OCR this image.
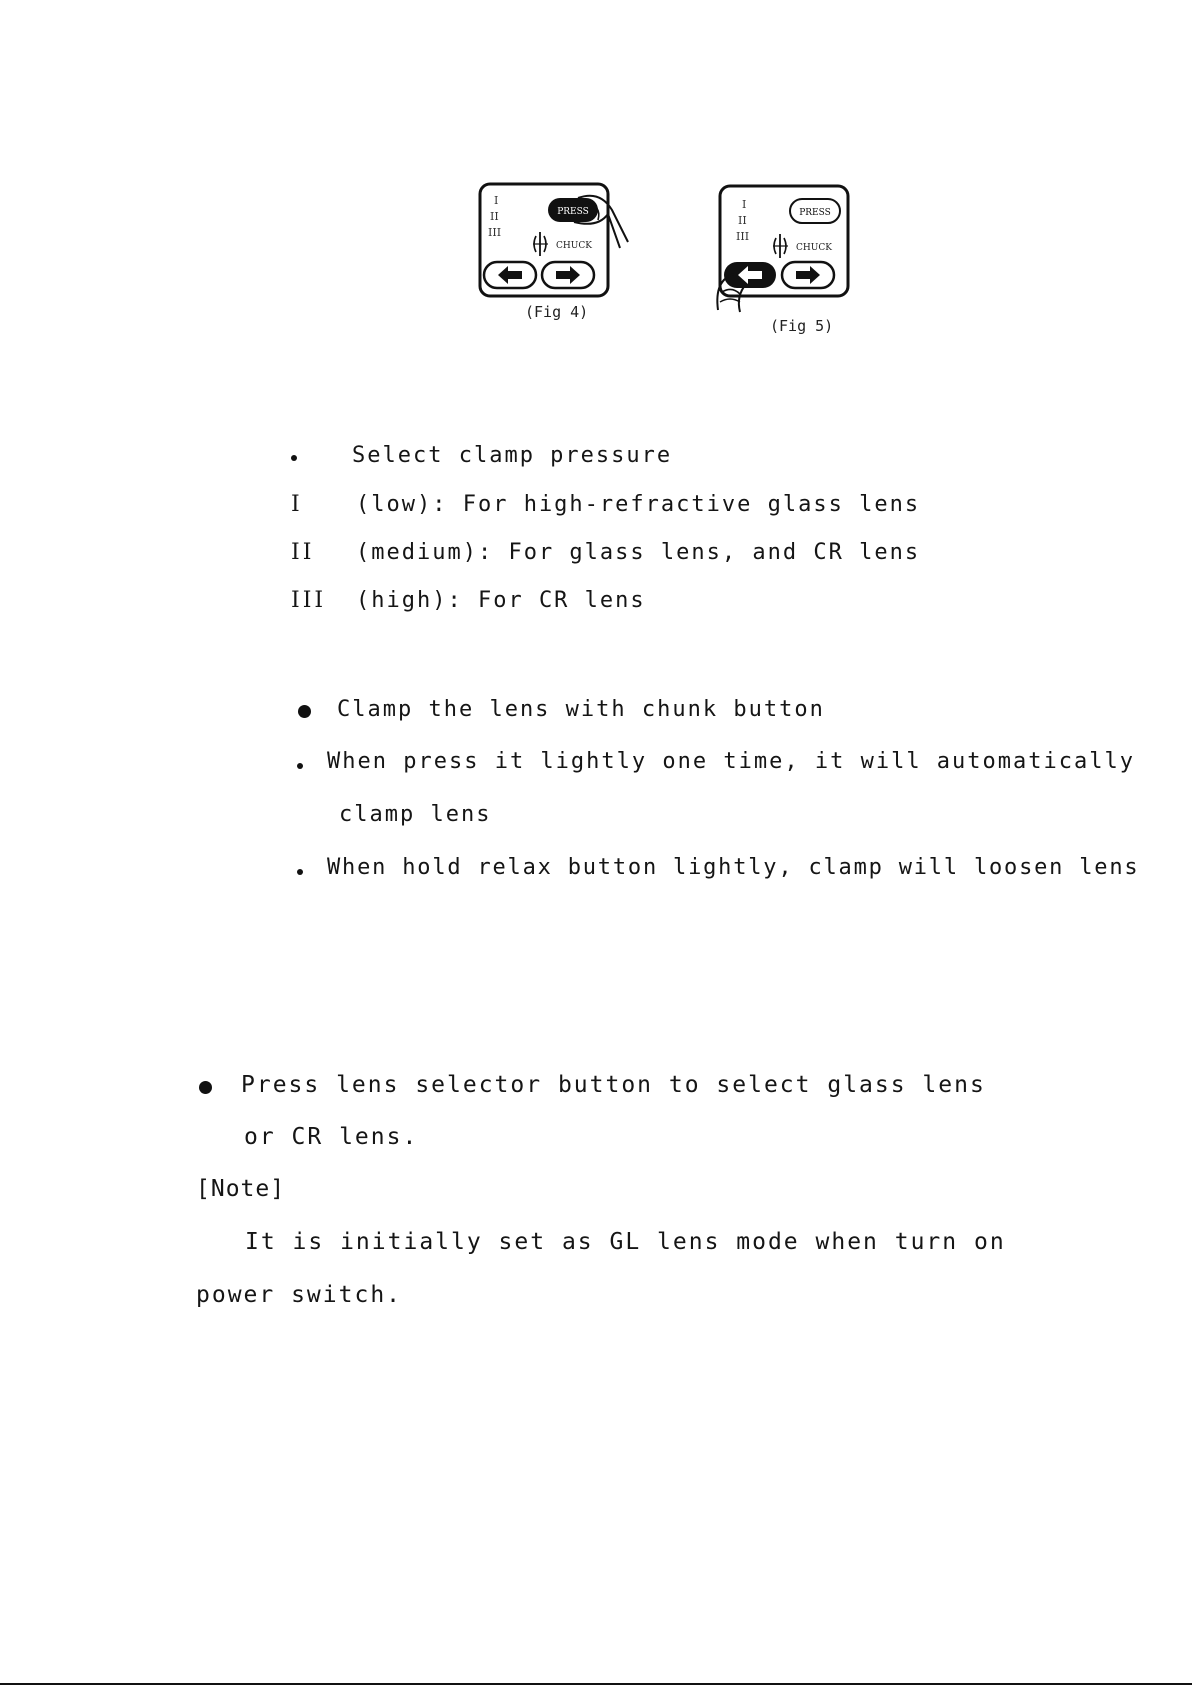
I
II
III
PRESS
CHUCK
(Fig 4)
I
II
III
PRESS
CHUCK
(Fig 5)
Select clamp pressure
I (low): For high-refractive glass lens
II (medium): For glass lens, and CR lens
III (high): For CR lens
Clamp the lens with chunk button
When press it lightly one time, it will automatically
clamp lens
When hold relax button lightly, clamp will loosen lens
Press lens selector button to select glass lens
or CR lens.
[Note]
It is initially set as GL lens mode when turn on
power switch.
